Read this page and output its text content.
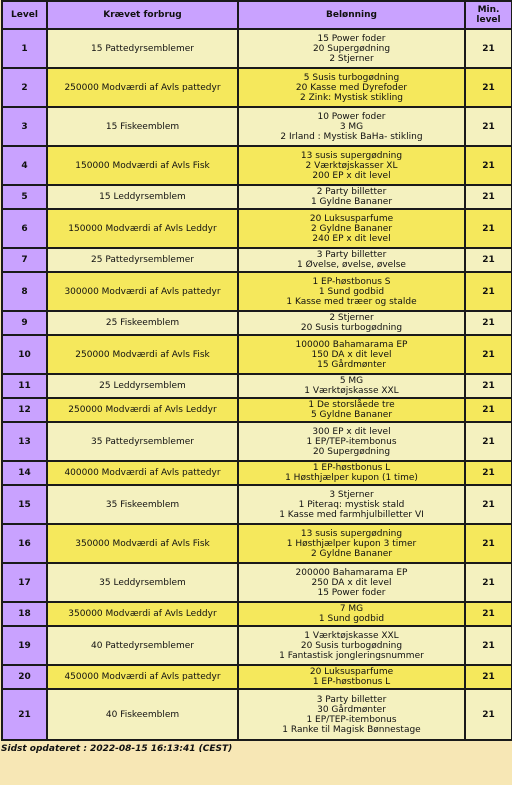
Level	Krævet forbrug	Belønning	Min. level
1	15 Pattedyrsemblemer	15 Power foder
20 Supergødning
2 Stjerner	21
2	250000 Modværdi af Avls pattedyr	5 Susis turbogødning
20 Kasse med Dyrefoder
2 Zink: Mystisk stikling	21
3	15 Fiskeemblem	10 Power foder
3 MG
2 Irland : Mystisk BaHa- stikling	21
4	150000 Modværdi af Avls Fisk	13 susis supergødning
2 Værktøjskasser XL
200 EP x dit level	21
5	15 Leddyrsemblem	2 Party billetter
1 Gyldne Bananer	21
6	150000 Modværdi af Avls Leddyr	20 Luksusparfume
2 Gyldne Bananer
240 EP x dit level	21
7	25 Pattedyrsemblemer	3 Party billetter
1 Øvelse, øvelse, øvelse	21
8	300000 Modværdi af Avls pattedyr	1 EP-høstbonus S
1 Sund godbid
1 Kasse med træer og stalde	21
9	25 Fiskeemblem	2 Stjerner
20 Susis turbogødning	21
10	250000 Modværdi af Avls Fisk	100000 Bahamarama EP
150 DA x dit level
15 Gårdmønter	21
11	25 Leddyrsemblem	5 MG
1 Værktøjskasse XXL	21
12	250000 Modværdi af Avls Leddyr	1 De storslåede tre
5 Gyldne Bananer	21
13	35 Pattedyrsemblemer	300 EP x dit level
1 EP/TEP-itembonus
20 Supergødning	21
14	400000 Modværdi af Avls pattedyr	1 EP-høstbonus L
1 Høsthjælper kupon (1 time)	21
15	35 Fiskeemblem	3 Stjerner
1 Piteraq: mystisk stald
1 Kasse med farmhjulbilletter VI	21
16	350000 Modværdi af Avls Fisk	13 susis supergødning
1 Høsthjælper kupon 3 timer
2 Gyldne Bananer	21
17	35 Leddyrsemblem	200000 Bahamarama EP
250 DA x dit level
15 Power foder	21
18	350000 Modværdi af Avls Leddyr	7 MG
1 Sund godbid	21
19	40 Pattedyrsemblemer	1 Værktøjskasse XXL
20 Susis turbogødning
1 Fantastisk jongleringsnummer	21
20	450000 Modværdi af Avls pattedyr	20 Luksusparfume
1 EP-høstbonus L	21
21	40 Fiskeemblem	3 Party billetter
30 Gårdmønter
1 EP/TEP-itembonus
1 Ranke til Magisk Bønnestage	21
Sidst opdateret : 2022-08-15 16:13:41 (CEST)
